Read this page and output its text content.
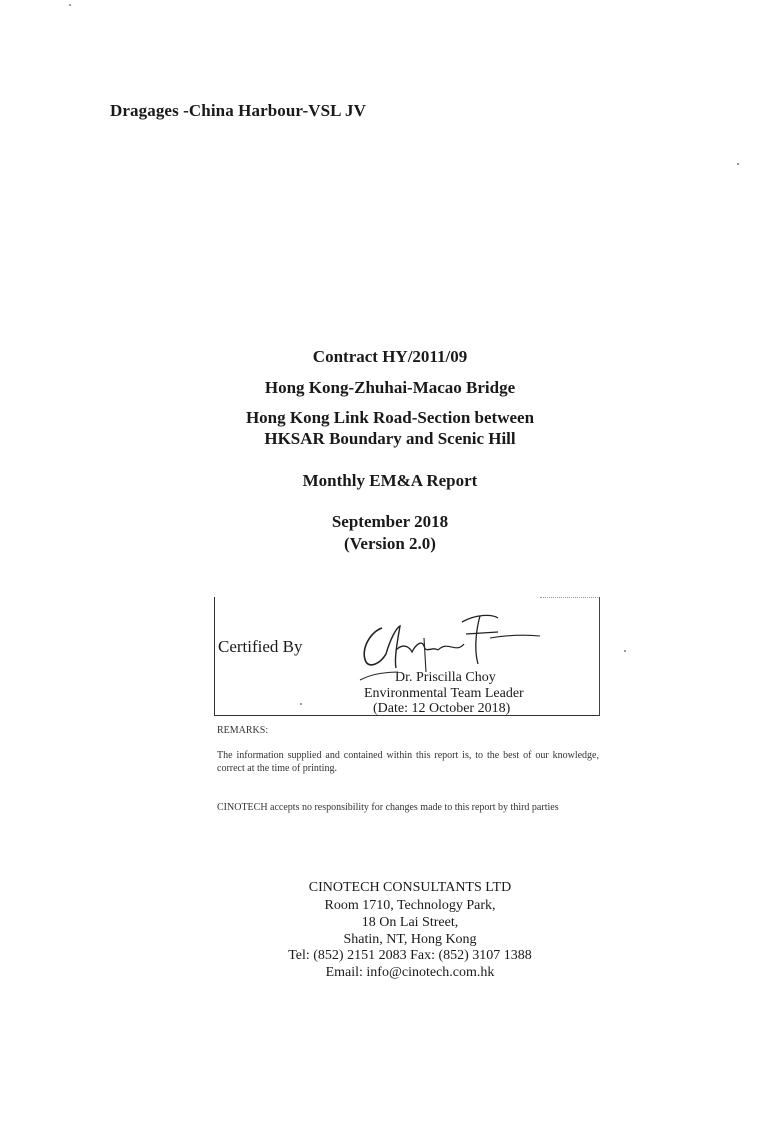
Dragages -China Harbour-VSL JV
Contract HY/2011/09
Hong Kong-Zhuhai-Macao Bridge
Hong Kong Link Road-Section between
HKSAR Boundary and Scenic Hill
Monthly EM&A Report
September 2018
(Version 2.0)
Certified By
Dr. Priscilla Choy
Environmental Team Leader
(Date: 12 October 2018)
REMARKS:
The information supplied and contained within this report is, to the best of our knowledge, correct at the time of printing.
CINOTECH accepts no responsibility for changes made to this report by third parties
CINOTECH CONSULTANTS LTD
Room 1710, Technology Park,
18 On Lai Street,
Shatin, NT, Hong Kong
Tel: (852) 2151 2083 Fax: (852) 3107 1388
Email: info@cinotech.com.hk
